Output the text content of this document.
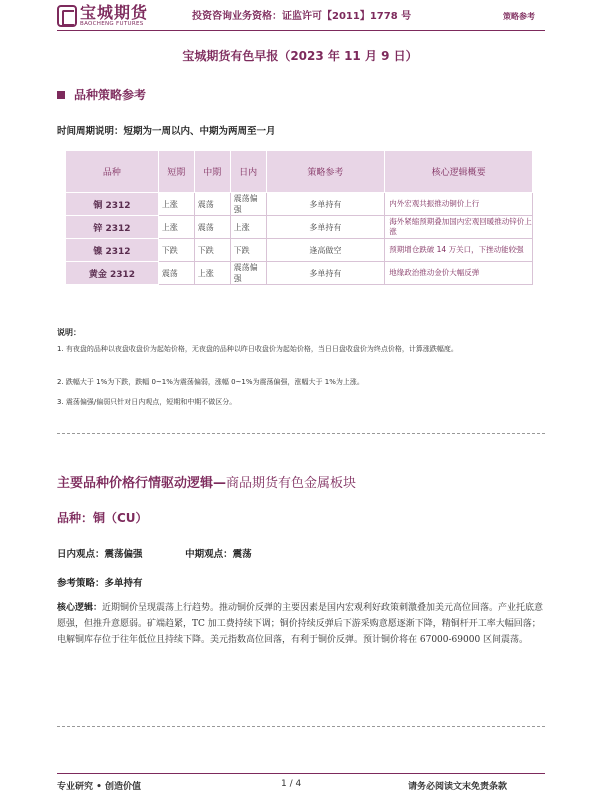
宝城期货
BAOCHENG FUTURES
投资咨询业务资格：证监许可【2011】1778 号	策略参考
宝城期货有色早报（2023 年 11 月 9 日）
品种策略参考
时间周期说明：短期为一周以内、中期为两周至一月
品种	短期	中期	日内	策略参考	核心逻辑概要
铜 2312	上涨	震荡	震荡偏强	多单持有	内外宏观共振推动铜价上行
锌 2312	上涨	震荡	上涨	多单持有	海外紧缩预期叠加国内宏观回暖推动锌价上涨
镍 2312	下跌	下跌	下跌	逢高做空	预期增仓跌破 14 万关口，下挫动能较强
黄金 2312	震荡	上涨	震荡偏强	多单持有	地缘政治推动金价大幅反弹
说明：
1. 有夜盘的品种以夜盘收盘价为起始价格，无夜盘的品种以昨日收盘价为起始价格，当日日盘收盘价为终点价格，计算涨跌幅度。
2. 跌幅大于 1%为下跌，跌幅 0~1%为震荡偏弱，涨幅 0~1%为震荡偏强，涨幅大于 1%为上涨。
3. 震荡偏强/偏弱只针对日内观点，短期和中期不做区分。
主要品种价格行情驱动逻辑—商品期货有色金属板块
品种：铜（CU）
日内观点：震荡偏强	中期观点：震荡
参考策略：多单持有
核心逻辑：近期铜价呈现震荡上行趋势。推动铜价反弹的主要因素是国内宏观利好政策刺激叠加美元高位回落。产业托底意愿强，但推升意愿弱。矿端趋紧，TC 加工费持续下调；铜价持续反弹后下游采购意愿逐渐下降，精铜杆开工率大幅回落；电解铜库存位于往年低位且持续下降。美元指数高位回落，有利于铜价反弹。预计铜价将在 67000-69000 区间震荡。
专业研究 • 创造价值	1 / 4	请务必阅读文末免责条款
